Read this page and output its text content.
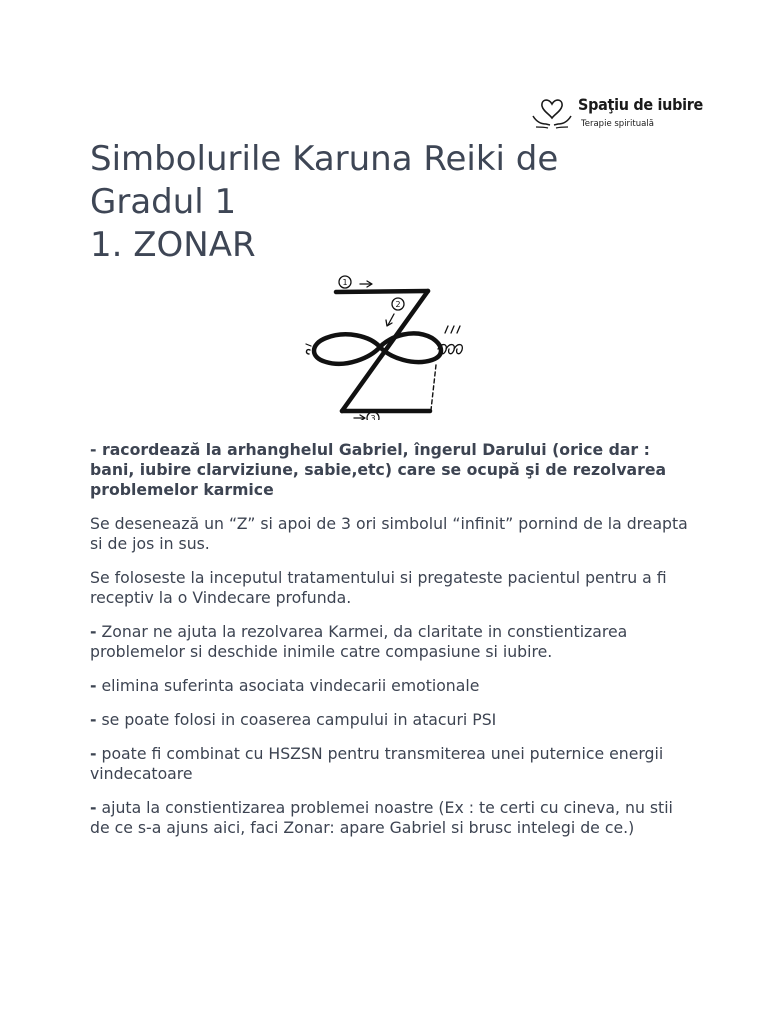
Spaţiu de iubire
Terapie spirituală
Simbolurile Karuna Reiki de
Gradul 1
1. ZONAR
1
2
3

- racordează la arhanghelul Gabriel, îngerul Darului (orice dar : bani, iubire clarviziune, sabie,etc) care se ocupă şi de rezolvarea problemelor karmice

Se desenează un “Z” si apoi de 3 ori simbolul “infinit” pornind de la dreapta si de jos in sus.

Se foloseste la inceputul tratamentului si pregateste pacientul pentru a fi receptiv la o Vindecare profunda.

- Zonar ne ajuta la rezolvarea Karmei, da claritate in constientizarea problemelor si deschide inimile catre compasiune si iubire.

- elimina suferinta asociata vindecarii emotionale

- se poate folosi in coaserea campului in atacuri PSI

- poate fi combinat cu HSZSN pentru transmiterea unei puternice energii vindecatoare

- ajuta la constientizarea problemei noastre (Ex : te certi cu cineva, nu stii de ce s-a ajuns aici, faci Zonar: apare Gabriel si brusc intelegi de ce.)
